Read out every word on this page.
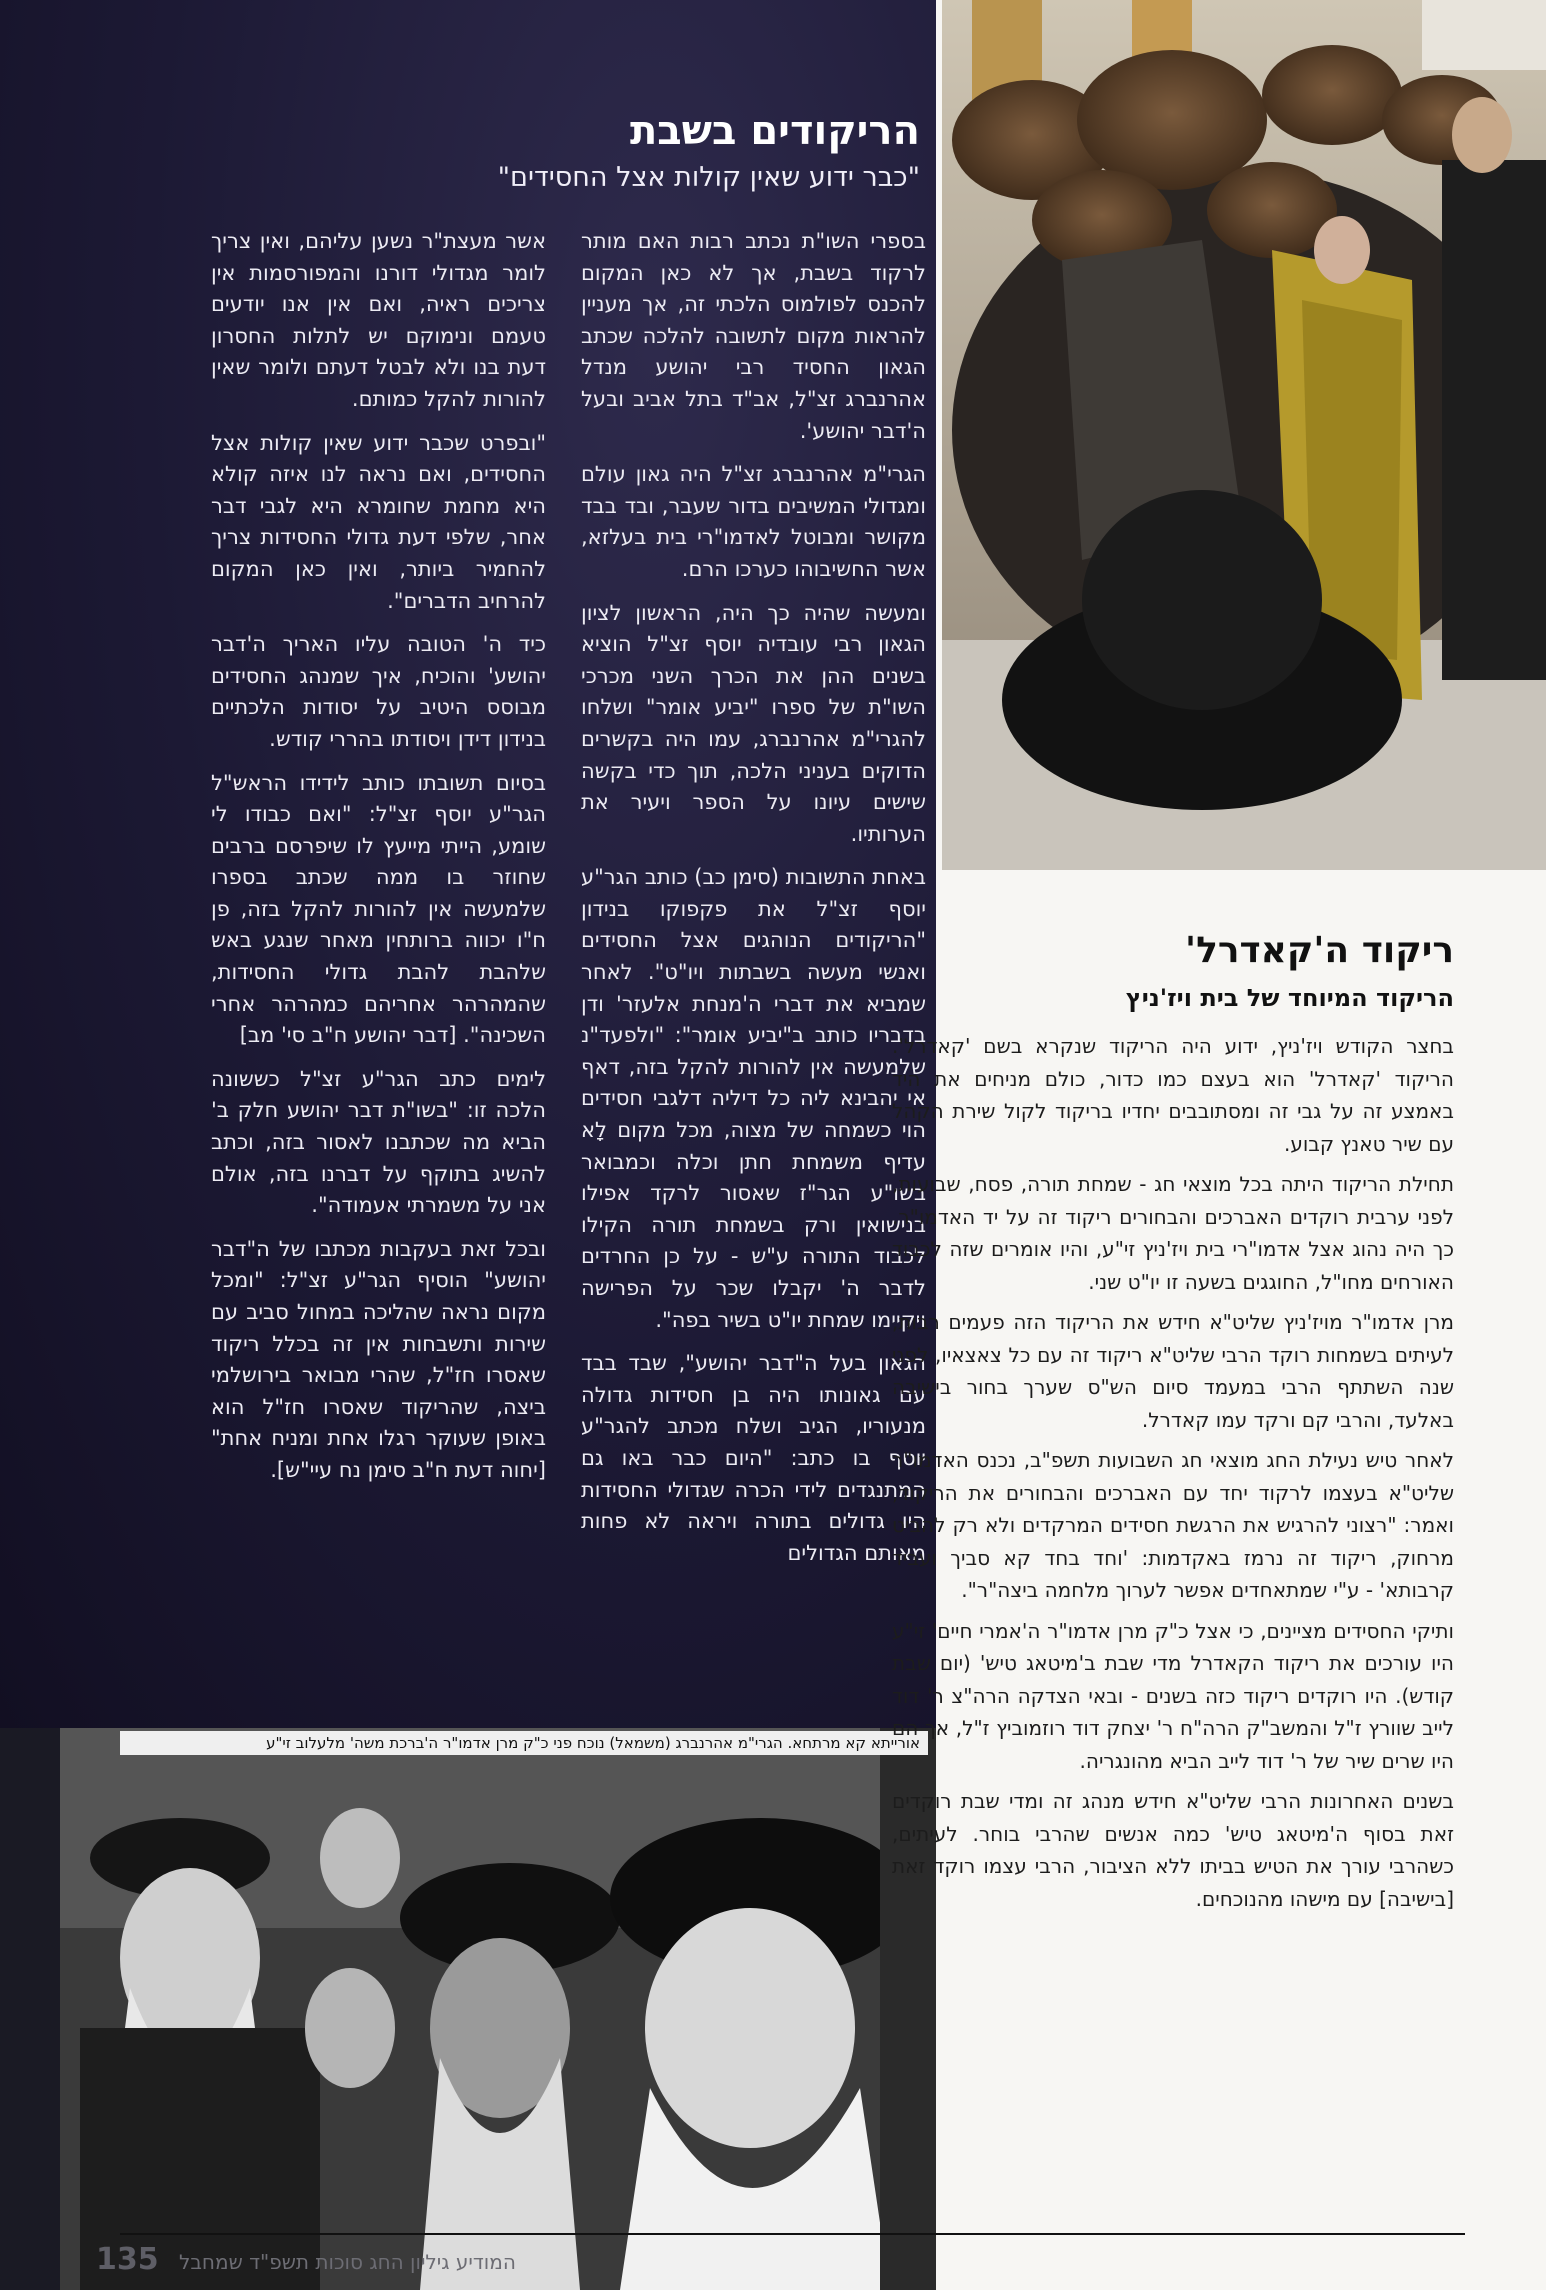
הריקודים בשבת
"כבר ידוע שאין קולות אצל החסידים"

בספרי השו"ת נכתב רבות האם מותר לרקוד בשבת, אך לא כאן המקום להכנס לפולמוס הלכתי זה, אך מעניין להראות מקום לתשובה להלכה שכתב הגאון החסיד רבי יהושע מנדל אהרנברג זצ"ל, אב"ד בתל אביב ובעל ה'דבר יהושע'.

הגרי"מ אהרנברג זצ"ל היה גאון עולם ומגדולי המשיבים בדור שעבר, ובד בבד מקושר ומבוטל לאדמו"רי בית בעלזא, אשר החשיבוהו כערכו הרם.

ומעשה שהיה כך היה, הראשון לציון הגאון רבי עובדיה יוסף זצ"ל הוציא בשנים ההן את הכרך השני מכרכי השו"ת של ספרו "יביע אומר" ושלחו להגרי"מ אהרנברג, עמו היה בקשרים הדוקים בעניני הלכה, תוך כדי בקשה שישים עיונו על הספר ויעיר את הערותיו.

באחת התשובות (סימן כב) כותב הגר"ע יוסף זצ"ל את פקפוקו בנידון "הריקודים הנוהגים אצל החסידים ואנשי מעשה בשבתות ויו"ט". לאחר שמביא את דברי ה'מנחת אלעזר' ודן בדבריו כותב ב"יביע אומר": "ולפעד"נ שלמעשה אין להורות להקל בזה, דאף אי יהבינא ליה כל דיליה דלגבי חסידים הוי כשמחה של מצוה, מכל מקום לָא עדיף משמחת חתן וכלה וכמבואר בשו"ע הגר"ז שאסור לרקד אפילו בנישואין ורק בשמחת תורה הקילו לכבוד התורה ע"ש - על כן החרדים לדבר ה' יקבלו שכר על הפרישה ויקיימו שמחת יו"ט בשיר בפה".

הגאון בעל ה"דבר יהושע", שבד בבד עם גאונותו היה בן חסידות גדולה מנעוריו, הגיב ושלח מכתב להגר"ע יוסף בו כתב: "היום כבר באו גם המתנגדים לידי הכרה שגדולי החסידות היו גדולים בתורה ויראה לא פחות מאותם הגדולים

אשר מעצת"ר נשען עליהם, ואין צריך לומר מגדולי דורנו והמפורסמות אין צריכים ראיה, ואם אין אנו יודעים טעמם ונימוקם יש לתלות החסרון דעת בנו ולא לבטל דעתם ולומר שאין להורות להקל כמותם.

"ובפרט שכבר ידוע שאין קולות אצל החסידים, ואם נראה לנו איזה קולא היא מחמת שחומרא היא לגבי דבר אחר, שלפי דעת גדולי החסידות צריך להחמיר ביותר, ואין כאן המקום להרחיב הדברים".

כיד ה' הטובה עליו האריך ה'דבר יהושע' והוכיח, איך שמנהג החסידים מבוסס היטיב על יסודות הלכתיים בנידון דידן ויסודתו בהררי קודש.

בסיום תשובתו כותב לידידו הראש"ל הגר"ע יוסף זצ"ל: "ואם כבודו לי שומע, הייתי מייעץ לו שיפרסם ברבים שחוזר בו ממה שכתב בספרו שלמעשה אין להורות להקל בזה, פן ח"ו יכווה ברותחין מאחר שנגע באש שלהבת להבת גדולי החסידות, שהמהרהר אחריהם כמהרהר אחרי השכינה". [דבר יהושע ח"ב סי' מב]

לימים כתב הגר"ע זצ"ל כששונה הלכה זו: "בשו"ת דבר יהושע חלק ב' הביא מה שכתבנו לאסור בזה, וכתב להשיג בתוקף על דברנו בזה, אולם אני על משמרתי אעמודה".

ובכל זאת בעקבות מכתבו של ה"דבר יהושע" הוסיף הגר"ע זצ"ל: "ומכל מקום נראה שהליכה במחול סביב עם שירות ותשבחות אין זה בכלל ריקוד שאסרו חז"ל, שהרי מבואר בירושלמי ביצה, שהריקוד שאסרו חז"ל הוא באופן שעוקר רגלו אחת ומניח אחת" [יחוה דעת ח"ב סימן נח עיי"ש].

אורייתא קא מרתחא. הגרי"מ אהרנברג (משמאל) נוכח פני כ"ק מרן אדמו"ר ה'ברכת משה' מלעלוב זי"ע
ריקוד ה'קאדרל'
הריקוד המיוחד של בית ויז'ניץ

בחצר הקודש ויז'ניץ, ידוע היה הריקוד שנקרא בשם 'קאדרל'. הריקוד 'קאדרל' הוא בעצם כמו כדור, כולם מניחים את היד באמצע זה על גבי זה ומסתובבים יחדיו בריקוד לקול שירת הקהל עם שיר טאנץ קבוע.

תחילת הריקוד היתה בכל מוצאי חג - שמחת תורה, פסח, שבועות, לפני ערבית רוקדים האברכים והבחורים ריקוד זה על יד האדמו"ר. כך היה נהוג אצל אדמו"רי בית ויז'ניץ זי"ע, והיו אומרים שזה לכבוד האורחים מחו"ל, החוגגים בשעה זו יו"ט שני.

מרן אדמו"ר מויז'ניץ שליט"א חידש את הריקוד הזה פעמים רבות, לעיתים בשמחות רוקד הרבי שליט"א ריקוד זה עם כל צאצאיו, לפני שנה השתתף הרבי במעמד סיום הש"ס שערך בחור בישיבה באלעד, והרבי קם ורקד עמו קאדרל.

לאחר טיש נעילת החג מוצאי חג השבועות תשפ"ב, נכנס האדמו"ר שליט"א בעצמו לרקוד יחד עם האברכים והבחורים את הריקוד, ואמר: "רצוני להרגיש את הרגשת חסידים המרקדים ולא רק להביט מרחוק, ריקוד זה נרמז באקדמות: 'וחד בחד קא סביך ועביד קרבותא' - ע"י שמתאחדים אפשר לערוך מלחמה ביצה"ר".

ותיקי החסידים מציינים, כי אצל כ"ק מרן אדמו"ר ה'אמרי חיים' זי"ע היו עורכים את ריקוד הקאדרל מדי שבת ב'מיטאג טיש' (יום שבת קודש). היו רוקדים ריקוד כזה בשנים - ובאי הצדקה הרה"צ ר' דוד לייב שוורץ ז"ל והמשב"ק הרה"ח ר' יצחק דוד רוזמוביץ ז"ל, אך הם היו שרים שיר של ר' דוד לייב הביא מהונגריה.

בשנים האחרונות הרבי שליט"א חידש מנהג זה ומדי שבת רוקדים זאת בסוף ה'מיטאג טיש' כמה אנשים שהרבי בוחר. לעיתים, כשהרבי עורך את הטיש בביתו ללא הציבור, הרבי עצמו רוקד זאת [בישיבה] עם מישהו מהנוכחים.

135 המודיע גיליון החג סוכות תשפ"ד שמחבל
